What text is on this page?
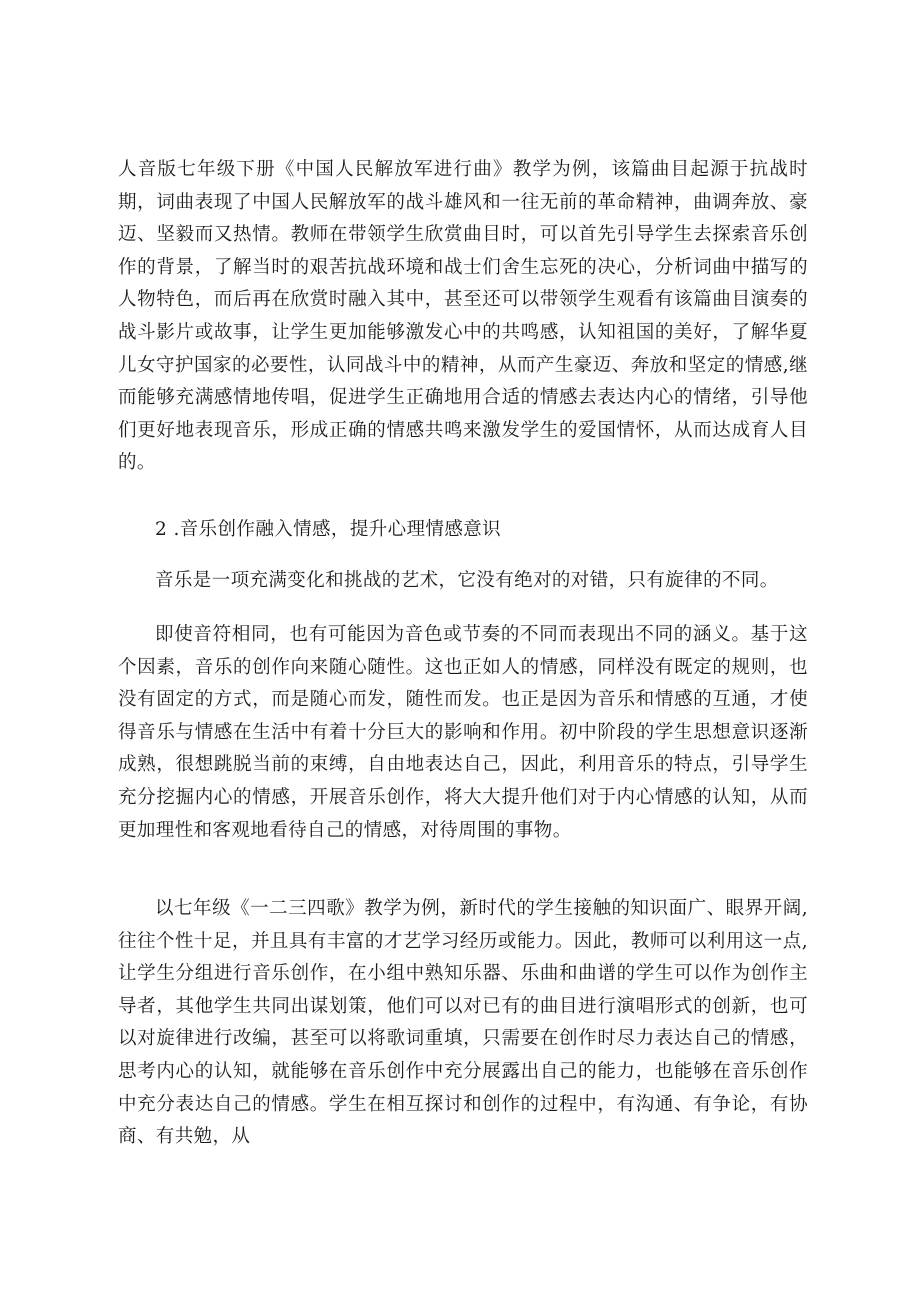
人音版七年级下册《中国人民解放军进行曲》教学为例，该篇曲目起源于抗战时期，词曲表现了中国人民解放军的战斗雄风和一往无前的革命精神，曲调奔放、豪迈、坚毅而又热情。教师在带领学生欣赏曲目时，可以首先引导学生去探索音乐创作的背景，了解当时的艰苦抗战环境和战士们舍生忘死的决心，分析词曲中描写的人物特色，而后再在欣赏时融入其中，甚至还可以带领学生观看有该篇曲目演奏的战斗影片或故事，让学生更加能够激发心中的共鸣感，认知祖国的美好，了解华夏儿女守护国家的必要性，认同战斗中的精神，从而产生豪迈、奔放和坚定的情感,继而能够充满感情地传唱，促进学生正确地用合适的情感去表达内心的情绪，引导他们更好地表现音乐，形成正确的情感共鸣来激发学生的爱国情怀，从而达成育人目的。

2 .音乐创作融入情感，提升心理情感意识

音乐是一项充满变化和挑战的艺术，它没有绝对的对错，只有旋律的不同。

即使音符相同，也有可能因为音色或节奏的不同而表现出不同的涵义。基于这个因素，音乐的创作向来随心随性。这也正如人的情感，同样没有既定的规则，也没有固定的方式，而是随心而发，随性而发。也正是因为音乐和情感的互通，才使得音乐与情感在生活中有着十分巨大的影响和作用。初中阶段的学生思想意识逐渐成熟，很想跳脱当前的束缚，自由地表达自己，因此，利用音乐的特点，引导学生充分挖掘内心的情感，开展音乐创作，将大大提升他们对于内心情感的认知，从而更加理性和客观地看待自己的情感，对待周围的事物。

以七年级《一二三四歌》教学为例，新时代的学生接触的知识面广、眼界开阔,往往个性十足，并且具有丰富的才艺学习经历或能力。因此，教师可以利用这一点,让学生分组进行音乐创作，在小组中熟知乐器、乐曲和曲谱的学生可以作为创作主导者，其他学生共同出谋划策，他们可以对已有的曲目进行演唱形式的创新，也可以对旋律进行改编，甚至可以将歌词重填，只需要在创作时尽力表达自己的情感，思考内心的认知，就能够在音乐创作中充分展露出自己的能力，也能够在音乐创作中充分表达自己的情感。学生在相互探讨和创作的过程中，有沟通、有争论，有协商、有共勉，从
